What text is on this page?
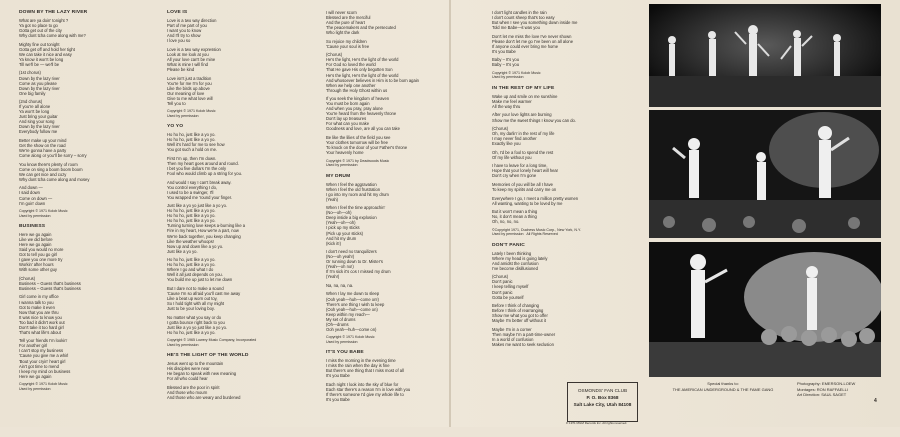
DOWN BY THE LAZY RIVER
What are ya doin' tonight ?
Ya got no place to go
Gotta get out of the city
Why dont tcha come along with me?
Mighty fine out tonight
Gotta get off and hold her tight
We can take it nice and easy
Ya know it won't be long
Till we'll be — we'll be
(1st chorus)
Down by the lazy river
Come as you please
Down by the lazy river
One big family
(2nd chorus)
If you're all alone
Ya won't be long
Just bring your guitar
And sing your song
Down by the lazy river
Everybody follow me
Better make up your mind
Get the show on the road
We're gonna have a party
Come along or you'll be sorry – sorry
You know there's plenty of room
Come on sing a boom boom boom
We can get nice and cozy
Why dont tcha come along and mosey
And down —
I said down
Come on down —
I'm goin' down
Copyright © 1971 Kolob Music
Used by permission
BUSINESS
Here we go again
Like we did before
Here we go again
Said you would no more
Got to tell you go girl
I gave you one more try
Workin' after hours
With some other guy
(Chorus)
Business – Guess that's business
Business – Guess that's business
Girl come in my office
I wanna talk to you
Got to make it even
Now that you are thru
It was nice to know you
Too bad it didn't work out
Don't take it too hard girl
That's what life's about
Tell your friends I'm lookin'
For another girl
I can't stop my business
'Cause you give me a whirl
'Bout your cryin' heart girl
Ain't got time to mend
I keep my mind on business
Here we go again
Copyright © 1971 Kolob Music
Used by permission
LOVE IS
Love is a two way direction
Part of me part of you
I want you to know
And I'll try to show
I love you so
Love is a two way expression
Look at me look at you
All your love can't be mine
What is mine I will find
Please be kind
Love isn't just a tradition
You're for me I'm for you
Like the birds up above
Our meaning of love
Give to me what love will
Tell you to
Copyright © 1971 Kolob Music
Used by permission
YO YO
Ho ho ho, just like a yo yo.
Ho ho ho, just like a yo yo.
Well it's hard for me to see how
You got such a hold on me.
First I'm up, then I'm down.
Then my heart goes around and round.
I bet you five dollars I'm the only
Fool who would climb up a string for you.
And would I say I can't break away.
You control everything I do,
I used to be a swinger, I'll
You wrapped me 'round your finger.
Just like a yo yo just like a yo yo.
Ho ho ho, just like a yo yo.
Ho ho ho, just like a yo yo.
Ho ho ho, just like a yo yo.
Turning turning love keeps a-burning like a
Fire in my heart, How we're a part, now
We're back together, you keep changing
Like the weather whoops!
Now up and down like a yo yo.
Just like a yo yo.
Ho ho ho, just like a yo yo.
Ho ho ho, just like a yo yo.
Where I go and what I do
Well it all just depends on you.
You build me up just to let me down
But I dare not to make a sound
'Cause I'm so afraid you'll cast me away
Like a beat up worn out toy,
So I hold tight with all my might
Just to be your loving boy.
No matter what you say or do
I gotta bounce right back to you
Just like a yo yo just like a yo yo.
Ho ho ho, just like a yo yo.
Copyright © 1965 Lowery Music Company, Incorporated
Used by permission
HE'S THE LIGHT OF THE WORLD
Jesus went up to the mountain
His disciples were near
He began to speak with new meaning
For all who could hear
Blessed are the poor in spirit
And those who mourn
And those who are weary and burdened
I will never scorn
Blessed are the merciful
And the pure of heart
The peacemakers and the persecuted
Who light the dark
So rejoice my children
'Cause your soul is free
(Chorus)
He's the light, He's the light of the world
For God so loved the world
That He gave His only begotten Son
He's the light, He's the light of the world
And whosoever believes in Him is to be born again
When we help one another
Through the Holy Ghost within us
If you seek the kingdom of heaven
You must be born again
And when you pray, pray alone
You're heard from the heavenly throne
Don't lay up treasures
For what can you make
Goodness and love, are all you can take
Be like the lilies of the field you see
Your clothes tomorrow will be free
To knock on the door of your Father's throne
Your heavenly home
Copyright © 1971 by Deadwoods Music
Used by permission
MY DRUM
When I feel the aggravation
When I feel the old frustration
I go into my room and hit my drum
(Yeah)
When I feel the time approachin'
(No—oh—oh)
Deep inside a big explosion
(Yeah—oh—oh)
I pick up my sticks
(Pick up your sticks)
And hit my drum
(Kick it!)
I don't need no tranquilizers
(No—oh yeah!)
Or running down to Dr. Mister's
(Yeah—oh no!)
If I'm sick it's cos I missed my drum
(Yeah!)
Na, na, na, na.
When I lay me down to sleep
(Ooh yeah—huh—come on!)
There's one thing I wish to keep
(Ooh yeah—huh—come on)
Keep within my reach—
My set of drums
(Oh—drums
Ooh yeah—huh—come on)
Copyright © 1971 Kolob Music
Used by permission
IT'S YOU BABE
I miss the morning in the evening time
I miss the rain when the day is fine
But there's one thing that I miss most of all
It's you Babe
Each night I look into the sky of blue for
Each star there's a reason I'm in love with you
If there's someone I'd give my whole life to
It's you Babe
I don't light candles in the rain
I don't count sheep that's too easy
But when I see you something down inside me
Told me Babe—it was you
Don't let me miss the love I've never shown
Please don't let me go I've been on all alone
If anyone could ever bring me home
It's you Babe
Baby – It's you
Baby – It's you
Copyright © 1971 Kolob Music
Used by permission
IN THE REST OF MY LIFE
Wake up and smile on me sunshine
Make me feel warmer
All the way thru
After your love lights are burning
Show me the sweet things I know you can do.
(Chorus)
Oh, my darlin' in the rest of my life
I may never find another
Exactly like you
Oh, I'd be a fool to spend the rest
Of my life without you
I have to leave for a long time,
Hope that your lonely heart will hear
Don't cry when I'm gone
Memories of you will be all I have
To keep my spirits and carry me on
Everywhere I go, I meet a million pretty women
All wanting, wanting to be loved by me
But it won't mean a thing
No, it don't mean a thing
Oh, no, no, no.
©Copyright 1971, Duchess Music Corp., New York, N.Y.
Used by permission   All Rights Reserved
DON'T PANIC
Lately I been thinking
Where my head is going lately
And amidst the confusion
I've become disillusioned
(Chorus)
Don't panic
I keep telling myself
Don't panic
Gotta be yourself
Before I think of changing
Before I think of rearranging
Show me what you got to offer
Maybe I'm better off without it
Maybe I'm in a corner
Then maybe I'm a part-time-owner
In a world of confusion
Makes me want to seek seclusion
OSMONDS' FAN CLUB
P. O. Box 8368
Salt Lake City, Utah 84108
Special thanks to:
THE AMERICAN UNDERGROUND & THE FAME GANG
Photography: EMERSON-LOEW
Montages: RON RAFFAELLI
Art Direction: SAUL SAGET
4
℗ 1971 MGM Records Inc. All rights reserved.
